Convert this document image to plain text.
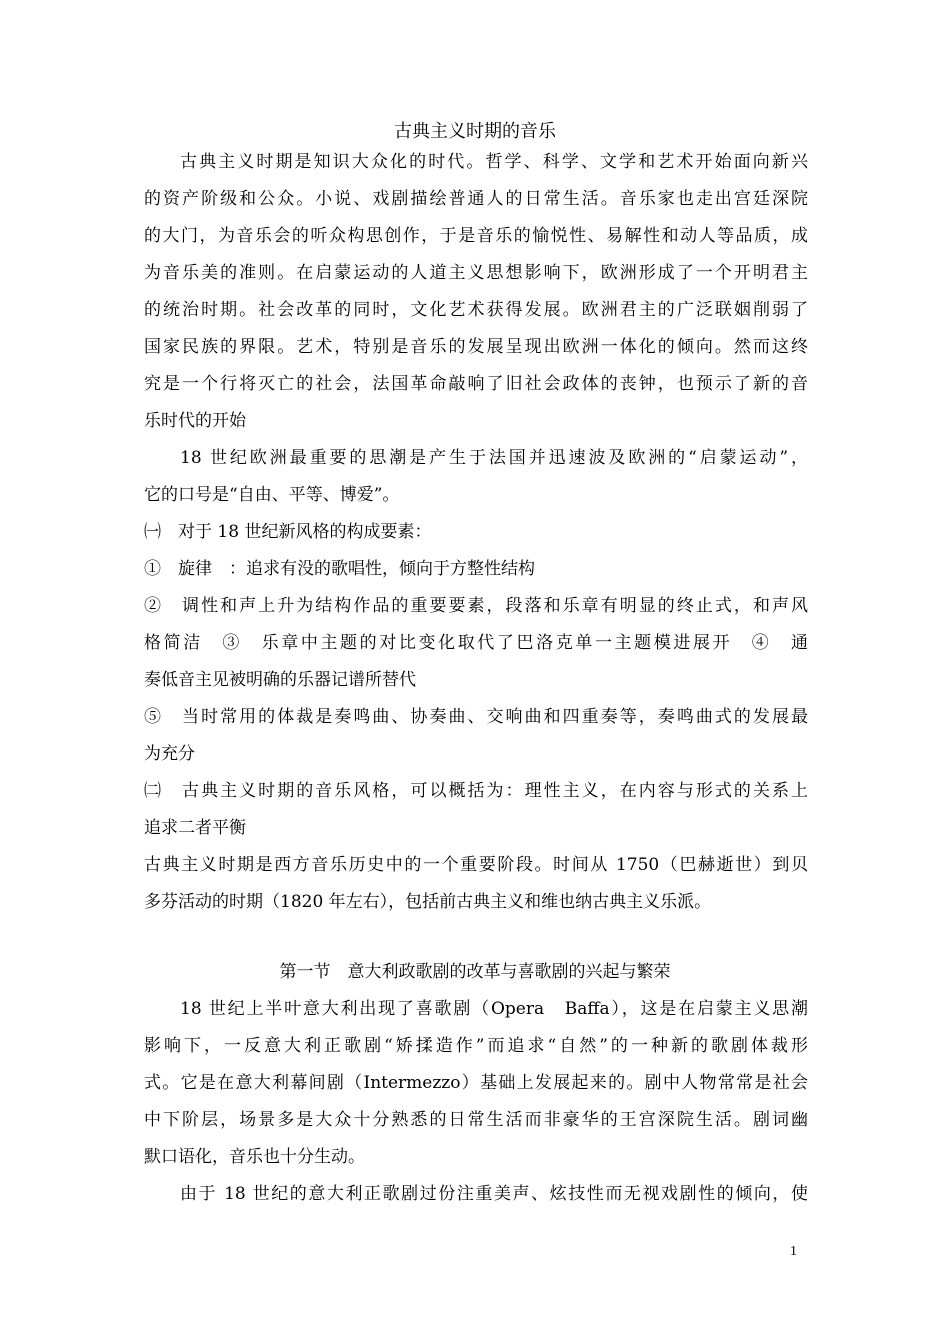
古典主义时期的音乐
古典主义时期是知识大众化的时代。哲学、科学、文学和艺术开始面向新兴
的资产阶级和公众。小说、戏剧描绘普通人的日常生活。音乐家也走出宫廷深院
的大门，为音乐会的听众构思创作，于是音乐的愉悦性、易解性和动人等品质，成
为音乐美的准则。在启蒙运动的人道主义思想影响下，欧洲形成了一个开明君主
的统治时期。社会改革的同时，文化艺术获得发展。欧洲君主的广泛联姻削弱了
国家民族的界限。艺术，特别是音乐的发展呈现出欧洲一体化的倾向。然而这终
究是一个行将灭亡的社会，法国革命敲响了旧社会政体的丧钟，也预示了新的音
乐时代的开始
18 世纪欧洲最重要的思潮是产生于法国并迅速波及欧洲的“启蒙运动”，
它的口号是“自由、平等、博爱”。
㈠　对于 18 世纪新风格的构成要素：
①　旋律　：追求有没的歌唱性，倾向于方整性结构
②　调性和声上升为结构作品的重要要素，段落和乐章有明显的终止式，和声风
格简洁　③　乐章中主题的对比变化取代了巴洛克单一主题模进展开　④　通
奏低音主见被明确的乐器记谱所替代
⑤　当时常用的体裁是奏鸣曲、协奏曲、交响曲和四重奏等，奏鸣曲式的发展最
为充分
㈡　古典主义时期的音乐风格，可以概括为：理性主义，在内容与形式的关系上
追求二者平衡
古典主义时期是西方音乐历史中的一个重要阶段。时间从 1750（巴赫逝世）到贝
多芬活动的时期（1820 年左右），包括前古典主义和维也纳古典主义乐派。
第一节　意大利政歌剧的改革与喜歌剧的兴起与繁荣
18 世纪上半叶意大利出现了喜歌剧（Opera　Baffa），这是在启蒙主义思潮
影响下，一反意大利正歌剧“矫揉造作”而追求“自然”的一种新的歌剧体裁形
式。它是在意大利幕间剧（Intermezzo）基础上发展起来的。剧中人物常常是社会
中下阶层，场景多是大众十分熟悉的日常生活而非豪华的王宫深院生活。剧词幽
默口语化，音乐也十分生动。
由于 18 世纪的意大利正歌剧过份注重美声、炫技性而无视戏剧性的倾向，使
1
